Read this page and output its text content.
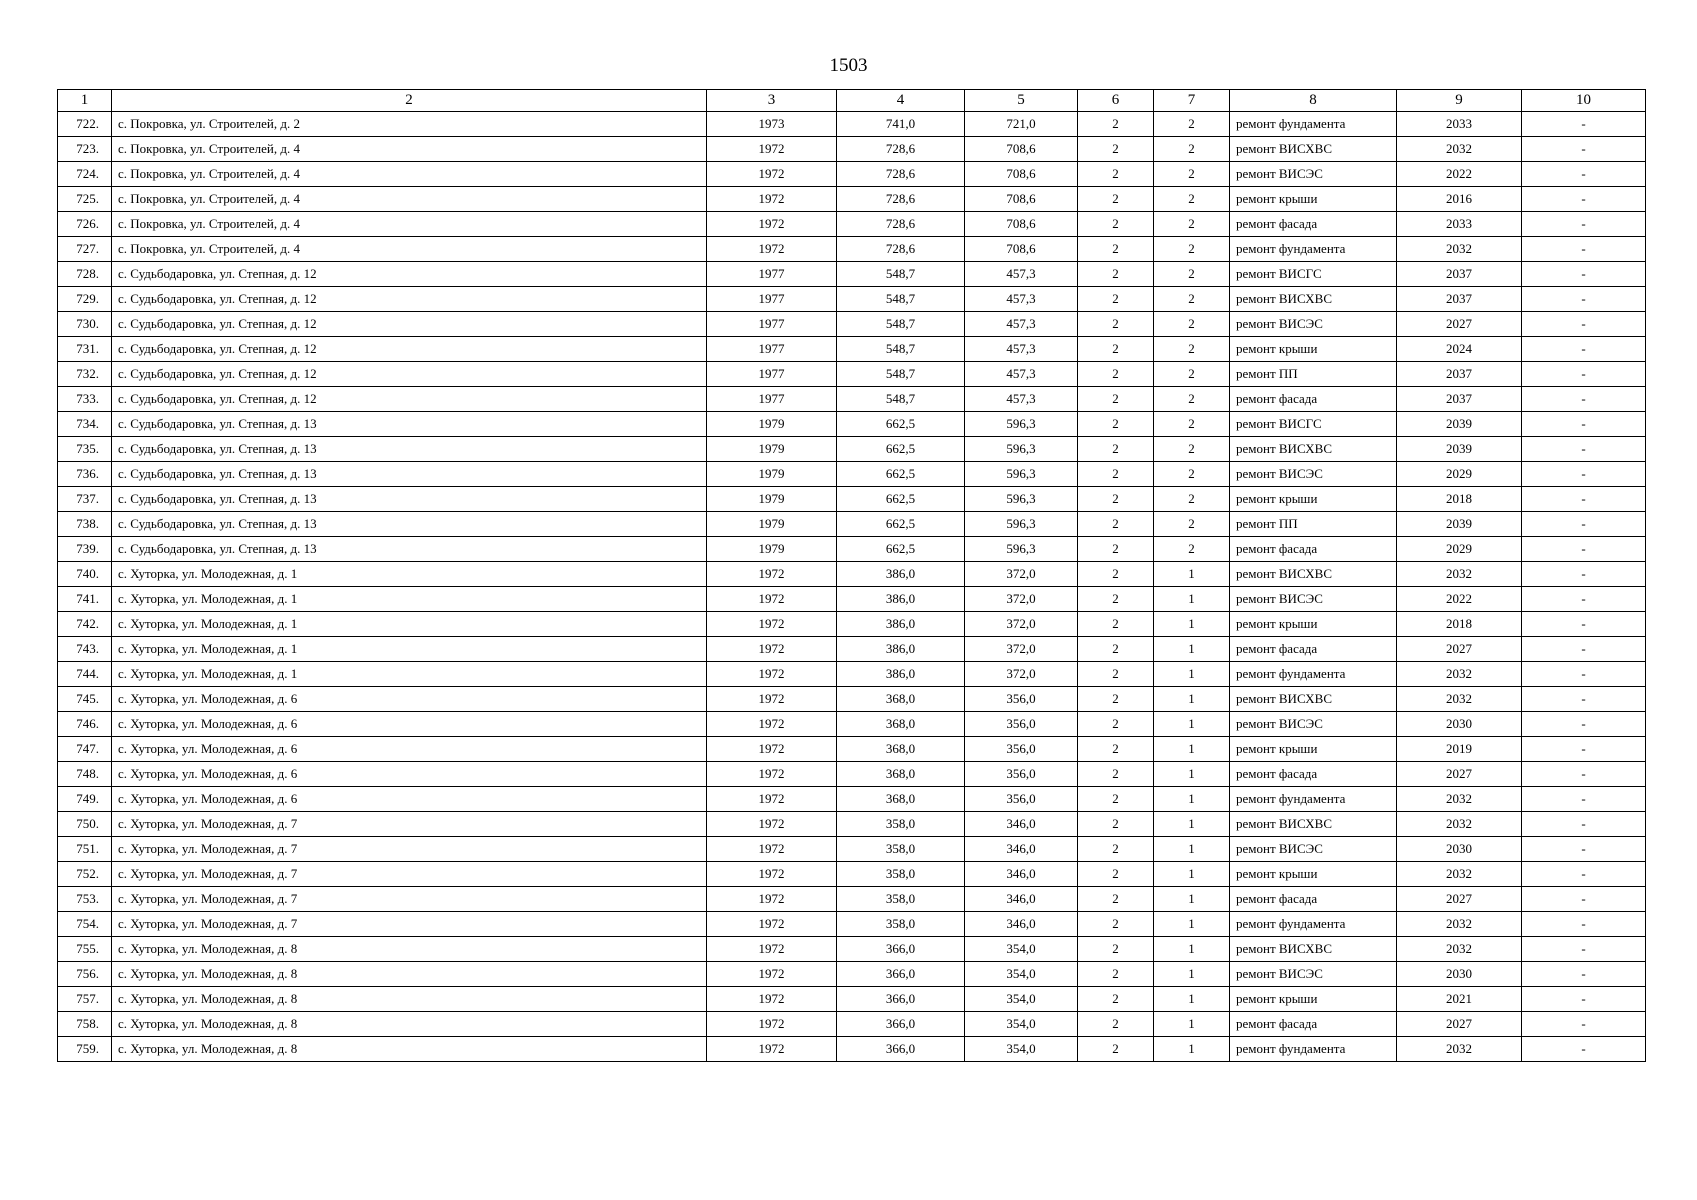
1503
1	2	3	4	5	6	7	8	9	10
722.	с. Покровка, ул. Строителей, д. 2	1973	741,0	721,0	2	2	ремонт фундамента	2033	-
723.	с. Покровка, ул. Строителей, д. 4	1972	728,6	708,6	2	2	ремонт ВИСХВС	2032	-
724.	с. Покровка, ул. Строителей, д. 4	1972	728,6	708,6	2	2	ремонт ВИСЭС	2022	-
725.	с. Покровка, ул. Строителей, д. 4	1972	728,6	708,6	2	2	ремонт крыши	2016	-
726.	с. Покровка, ул. Строителей, д. 4	1972	728,6	708,6	2	2	ремонт фасада	2033	-
727.	с. Покровка, ул. Строителей, д. 4	1972	728,6	708,6	2	2	ремонт фундамента	2032	-
728.	с. Судьбодаровка, ул. Степная, д. 12	1977	548,7	457,3	2	2	ремонт ВИСГС	2037	-
729.	с. Судьбодаровка, ул. Степная, д. 12	1977	548,7	457,3	2	2	ремонт ВИСХВС	2037	-
730.	с. Судьбодаровка, ул. Степная, д. 12	1977	548,7	457,3	2	2	ремонт ВИСЭС	2027	-
731.	с. Судьбодаровка, ул. Степная, д. 12	1977	548,7	457,3	2	2	ремонт крыши	2024	-
732.	с. Судьбодаровка, ул. Степная, д. 12	1977	548,7	457,3	2	2	ремонт ПП	2037	-
733.	с. Судьбодаровка, ул. Степная, д. 12	1977	548,7	457,3	2	2	ремонт фасада	2037	-
734.	с. Судьбодаровка, ул. Степная, д. 13	1979	662,5	596,3	2	2	ремонт ВИСГС	2039	-
735.	с. Судьбодаровка, ул. Степная, д. 13	1979	662,5	596,3	2	2	ремонт ВИСХВС	2039	-
736.	с. Судьбодаровка, ул. Степная, д. 13	1979	662,5	596,3	2	2	ремонт ВИСЭС	2029	-
737.	с. Судьбодаровка, ул. Степная, д. 13	1979	662,5	596,3	2	2	ремонт крыши	2018	-
738.	с. Судьбодаровка, ул. Степная, д. 13	1979	662,5	596,3	2	2	ремонт ПП	2039	-
739.	с. Судьбодаровка, ул. Степная, д. 13	1979	662,5	596,3	2	2	ремонт фасада	2029	-
740.	с. Хуторка, ул. Молодежная, д. 1	1972	386,0	372,0	2	1	ремонт ВИСХВС	2032	-
741.	с. Хуторка, ул. Молодежная, д. 1	1972	386,0	372,0	2	1	ремонт ВИСЭС	2022	-
742.	с. Хуторка, ул. Молодежная, д. 1	1972	386,0	372,0	2	1	ремонт крыши	2018	-
743.	с. Хуторка, ул. Молодежная, д. 1	1972	386,0	372,0	2	1	ремонт фасада	2027	-
744.	с. Хуторка, ул. Молодежная, д. 1	1972	386,0	372,0	2	1	ремонт фундамента	2032	-
745.	с. Хуторка, ул. Молодежная, д. 6	1972	368,0	356,0	2	1	ремонт ВИСХВС	2032	-
746.	с. Хуторка, ул. Молодежная, д. 6	1972	368,0	356,0	2	1	ремонт ВИСЭС	2030	-
747.	с. Хуторка, ул. Молодежная, д. 6	1972	368,0	356,0	2	1	ремонт крыши	2019	-
748.	с. Хуторка, ул. Молодежная, д. 6	1972	368,0	356,0	2	1	ремонт фасада	2027	-
749.	с. Хуторка, ул. Молодежная, д. 6	1972	368,0	356,0	2	1	ремонт фундамента	2032	-
750.	с. Хуторка, ул. Молодежная, д. 7	1972	358,0	346,0	2	1	ремонт ВИСХВС	2032	-
751.	с. Хуторка, ул. Молодежная, д. 7	1972	358,0	346,0	2	1	ремонт ВИСЭС	2030	-
752.	с. Хуторка, ул. Молодежная, д. 7	1972	358,0	346,0	2	1	ремонт крыши	2032	-
753.	с. Хуторка, ул. Молодежная, д. 7	1972	358,0	346,0	2	1	ремонт фасада	2027	-
754.	с. Хуторка, ул. Молодежная, д. 7	1972	358,0	346,0	2	1	ремонт фундамента	2032	-
755.	с. Хуторка, ул. Молодежная, д. 8	1972	366,0	354,0	2	1	ремонт ВИСХВС	2032	-
756.	с. Хуторка, ул. Молодежная, д. 8	1972	366,0	354,0	2	1	ремонт ВИСЭС	2030	-
757.	с. Хуторка, ул. Молодежная, д. 8	1972	366,0	354,0	2	1	ремонт крыши	2021	-
758.	с. Хуторка, ул. Молодежная, д. 8	1972	366,0	354,0	2	1	ремонт фасада	2027	-
759.	с. Хуторка, ул. Молодежная, д. 8	1972	366,0	354,0	2	1	ремонт фундамента	2032	-
